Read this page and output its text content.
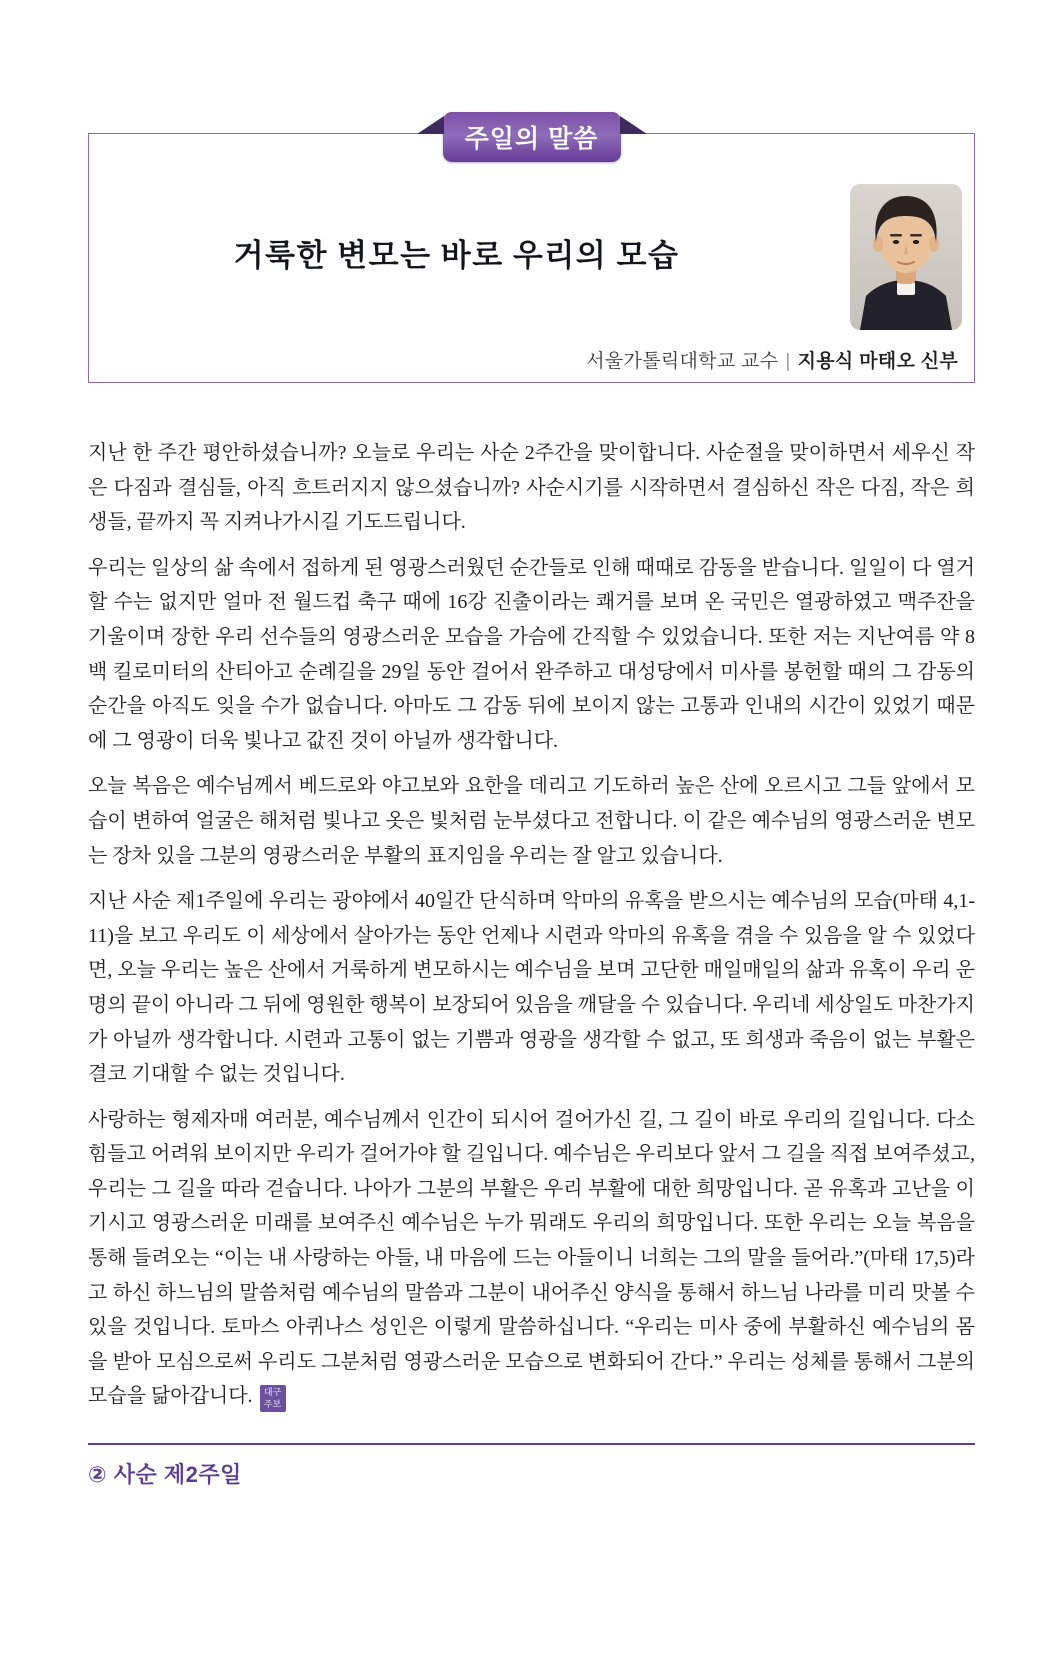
주일의 말씀
거룩한 변모는 바로 우리의 모습
서울가톨릭대학교 교수 | 지용식 마태오 신부

지난 한 주간 평안하셨습니까? 오늘로 우리는 사순 2주간을 맞이합니다. 사순절을 맞이하면서 세우신 작은 다짐과 결심들, 아직 흐트러지지 않으셨습니까? 사순시기를 시작하면서 결심하신 작은 다짐, 작은 희생들, 끝까지 꼭 지켜나가시길 기도드립니다.

우리는 일상의 삶 속에서 접하게 된 영광스러웠던 순간들로 인해 때때로 감동을 받습니다. 일일이 다 열거할 수는 없지만 얼마 전 월드컵 축구 때에 16강 진출이라는 쾌거를 보며 온 국민은 열광하였고 맥주잔을 기울이며 장한 우리 선수들의 영광스러운 모습을 가슴에 간직할 수 있었습니다. 또한 저는 지난여름 약 8백 킬로미터의 산티아고 순례길을 29일 동안 걸어서 완주하고 대성당에서 미사를 봉헌할 때의 그 감동의 순간을 아직도 잊을 수가 없습니다. 아마도 그 감동 뒤에 보이지 않는 고통과 인내의 시간이 있었기 때문에 그 영광이 더욱 빛나고 값진 것이 아닐까 생각합니다.

오늘 복음은 예수님께서 베드로와 야고보와 요한을 데리고 기도하러 높은 산에 오르시고 그들 앞에서 모습이 변하여 얼굴은 해처럼 빛나고 옷은 빛처럼 눈부셨다고 전합니다. 이 같은 예수님의 영광스러운 변모는 장차 있을 그분의 영광스러운 부활의 표지임을 우리는 잘 알고 있습니다.

지난 사순 제1주일에 우리는 광야에서 40일간 단식하며 악마의 유혹을 받으시는 예수님의 모습(마태 4,1-11)을 보고 우리도 이 세상에서 살아가는 동안 언제나 시련과 악마의 유혹을 겪을 수 있음을 알 수 있었다면, 오늘 우리는 높은 산에서 거룩하게 변모하시는 예수님을 보며 고단한 매일매일의 삶과 유혹이 우리 운명의 끝이 아니라 그 뒤에 영원한 행복이 보장되어 있음을 깨달을 수 있습니다. 우리네 세상일도 마찬가지가 아닐까 생각합니다. 시련과 고통이 없는 기쁨과 영광을 생각할 수 없고, 또 희생과 죽음이 없는 부활은 결코 기대할 수 없는 것입니다.

사랑하는 형제자매 여러분, 예수님께서 인간이 되시어 걸어가신 길, 그 길이 바로 우리의 길입니다. 다소 힘들고 어려워 보이지만 우리가 걸어가야 할 길입니다. 예수님은 우리보다 앞서 그 길을 직접 보여주셨고, 우리는 그 길을 따라 걷습니다. 나아가 그분의 부활은 우리 부활에 대한 희망입니다. 곧 유혹과 고난을 이기시고 영광스러운 미래를 보여주신 예수님은 누가 뭐래도 우리의 희망입니다. 또한 우리는 오늘 복음을 통해 들려오는 “이는 내 사랑하는 아들, 내 마음에 드는 아들이니 너희는 그의 말을 들어라.”(마태 17,5)라고 하신 하느님의 말씀처럼 예수님의 말씀과 그분이 내어주신 양식을 통해서 하느님 나라를 미리 맛볼 수 있을 것입니다. 토마스 아퀴나스 성인은 이렇게 말씀하십니다. “우리는 미사 중에 부활하신 예수님의 몸을 받아 모심으로써 우리도 그분처럼 영광스러운 모습으로 변화되어 간다.” 우리는 성체를 통해서 그분의 모습을 닮아갑니다.	대구
주보

② 사순 제2주일
